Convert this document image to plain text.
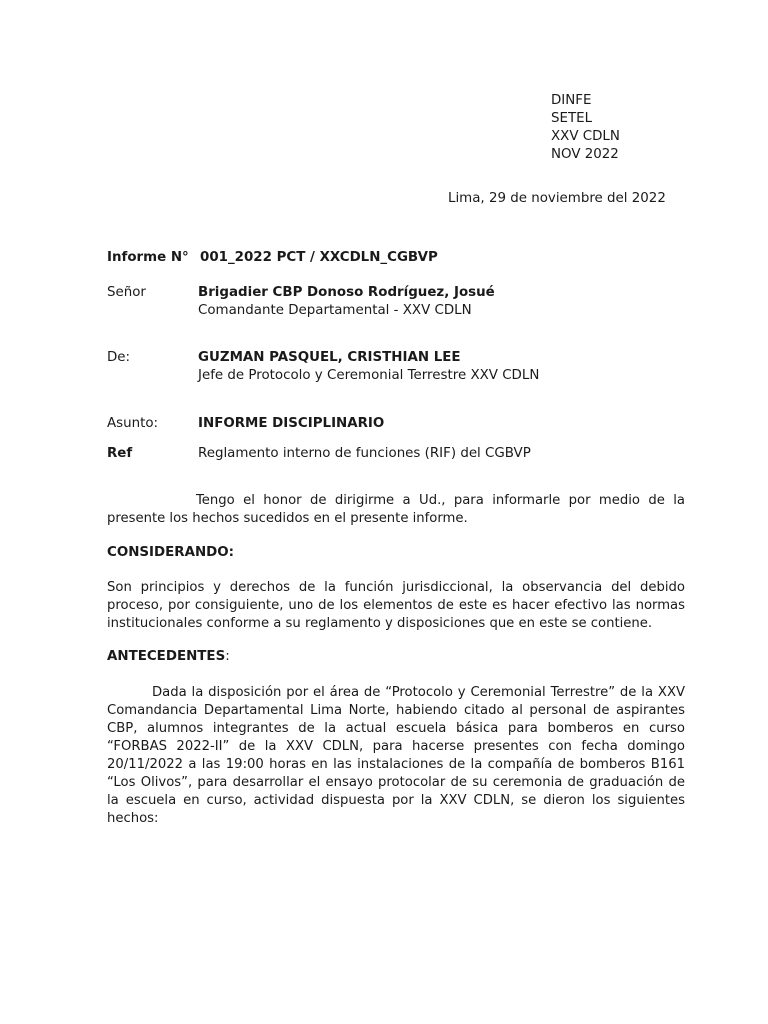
DINFE
SETEL
XXV CDLN
NOV 2022
Lima, 29 de noviembre del 2022
Informe N° 001_2022 PCT / XXCDLN_CGBVP
Señor	Brigadier CBP Donoso Rodríguez, Josué
Comandante Departamental - XXV CDLN
De:	GUZMAN PASQUEL, CRISTHIAN LEE
Jefe de Protocolo y Ceremonial Terrestre XXV CDLN
Asunto:	INFORME DISCIPLINARIO
Ref	Reglamento interno de funciones (RIF) del CGBVP
Tengo el honor de dirigirme a Ud., para informarle por medio de la presente los hechos sucedidos en el presente informe.
CONSIDERANDO:
Son principios y derechos de la función jurisdiccional, la observancia del debido proceso, por consiguiente, uno de los elementos de este es hacer efectivo las normas institucionales conforme a su reglamento y disposiciones que en este se contiene.
ANTECEDENTES:
Dada la disposición por el área de “Protocolo y Ceremonial Terrestre” de la XXV Comandancia Departamental Lima Norte, habiendo citado al personal de aspirantes CBP, alumnos integrantes de la actual escuela básica para bomberos en curso “FORBAS 2022-II” de la XXV CDLN, para hacerse presentes con fecha domingo 20/11/2022 a las 19:00 horas en las instalaciones de la compañía de bomberos B161 “Los Olivos”, para desarrollar el ensayo protocolar de su ceremonia de graduación de la escuela en curso, actividad dispuesta por la XXV CDLN, se dieron los siguientes hechos:
